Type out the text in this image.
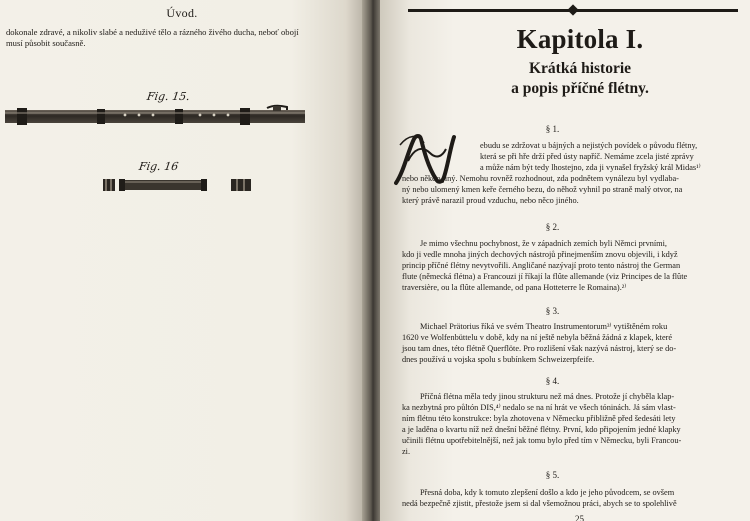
Úvod.
dokonale zdravé, a nikoliv slabé a neduživé tělo a rázného živého ducha, neboť obojí
musí působit současně.
Fig. 15.
Fig. 16
Kapitola I.
Krátká historie
a popis příčné flétny.
§ 1.
ebudu se zdržovat u bájných a nejistých povídek o původu flétny,
která se při hře drží před ústy napříč. Nemáme zcela jisté zprávy
a může nám být tedy lhostejno, zda ji vynašel fryžský král Midas¹⁾
nebo někdo jiný. Nemohu rovněž rozhodnout, zda podnětem vynálezu byl vydlaba-
ný nebo ulomený kmen keře černého bezu, do něhož vyhnil po straně malý otvor, na
který právě narazil proud vzduchu, nebo něco jiného.
§ 2.
Je mimo všechnu pochybnost, že v západních zemích byli Němci prvními,
kdo ji vedle mnoha jiných dechových nástrojů přinejmenším znovu objevili, i když
princip příčné flétny nevytvořili. Angličané nazývají proto tento nástroj the German
flute (německá flétna) a Francouzi jí říkají la flûte allemande (viz Principes de la flûte
traversière, ou la flûte allemande, od pana Hotteterre le Romaina).²⁾
§ 3.
Michael Prätorius říká ve svém Theatro Instrumentorum³⁾ vytištěném roku
1620 ve Wolfenbüttelu v době, kdy na ní ještě nebyla běžná žádná z klapek, které
jsou tam dnes, této flétně Querflöte. Pro rozlišení však nazývá nástroj, který se do-
dnes používá u vojska spolu s bubínkem Schweizerpfeife.
§ 4.
Příčná flétna měla tedy jinou strukturu než má dnes. Protože jí chyběla klap-
ka nezbytná pro půltón DIS,⁴⁾ nedalo se na ní hrát ve všech tóninách. Já sám vlast-
ním flétnu této konstrukce: byla zhotovena v Německu přibližně před šedesáti lety
a je laděna o kvartu níž než dnešní běžné flétny. První, kdo připojením jedné klapky
učinili flétnu upotřebitelnější, než jak tomu bylo před tím v Německu, byli Francou-
zi.
§ 5.
Přesná doba, kdy k tomuto zlepšení došlo a kdo je jeho původcem, se ovšem
nedá bezpečně zjistit, přestože jsem si dal všemožnou práci, abych se to spolehlivě
25
